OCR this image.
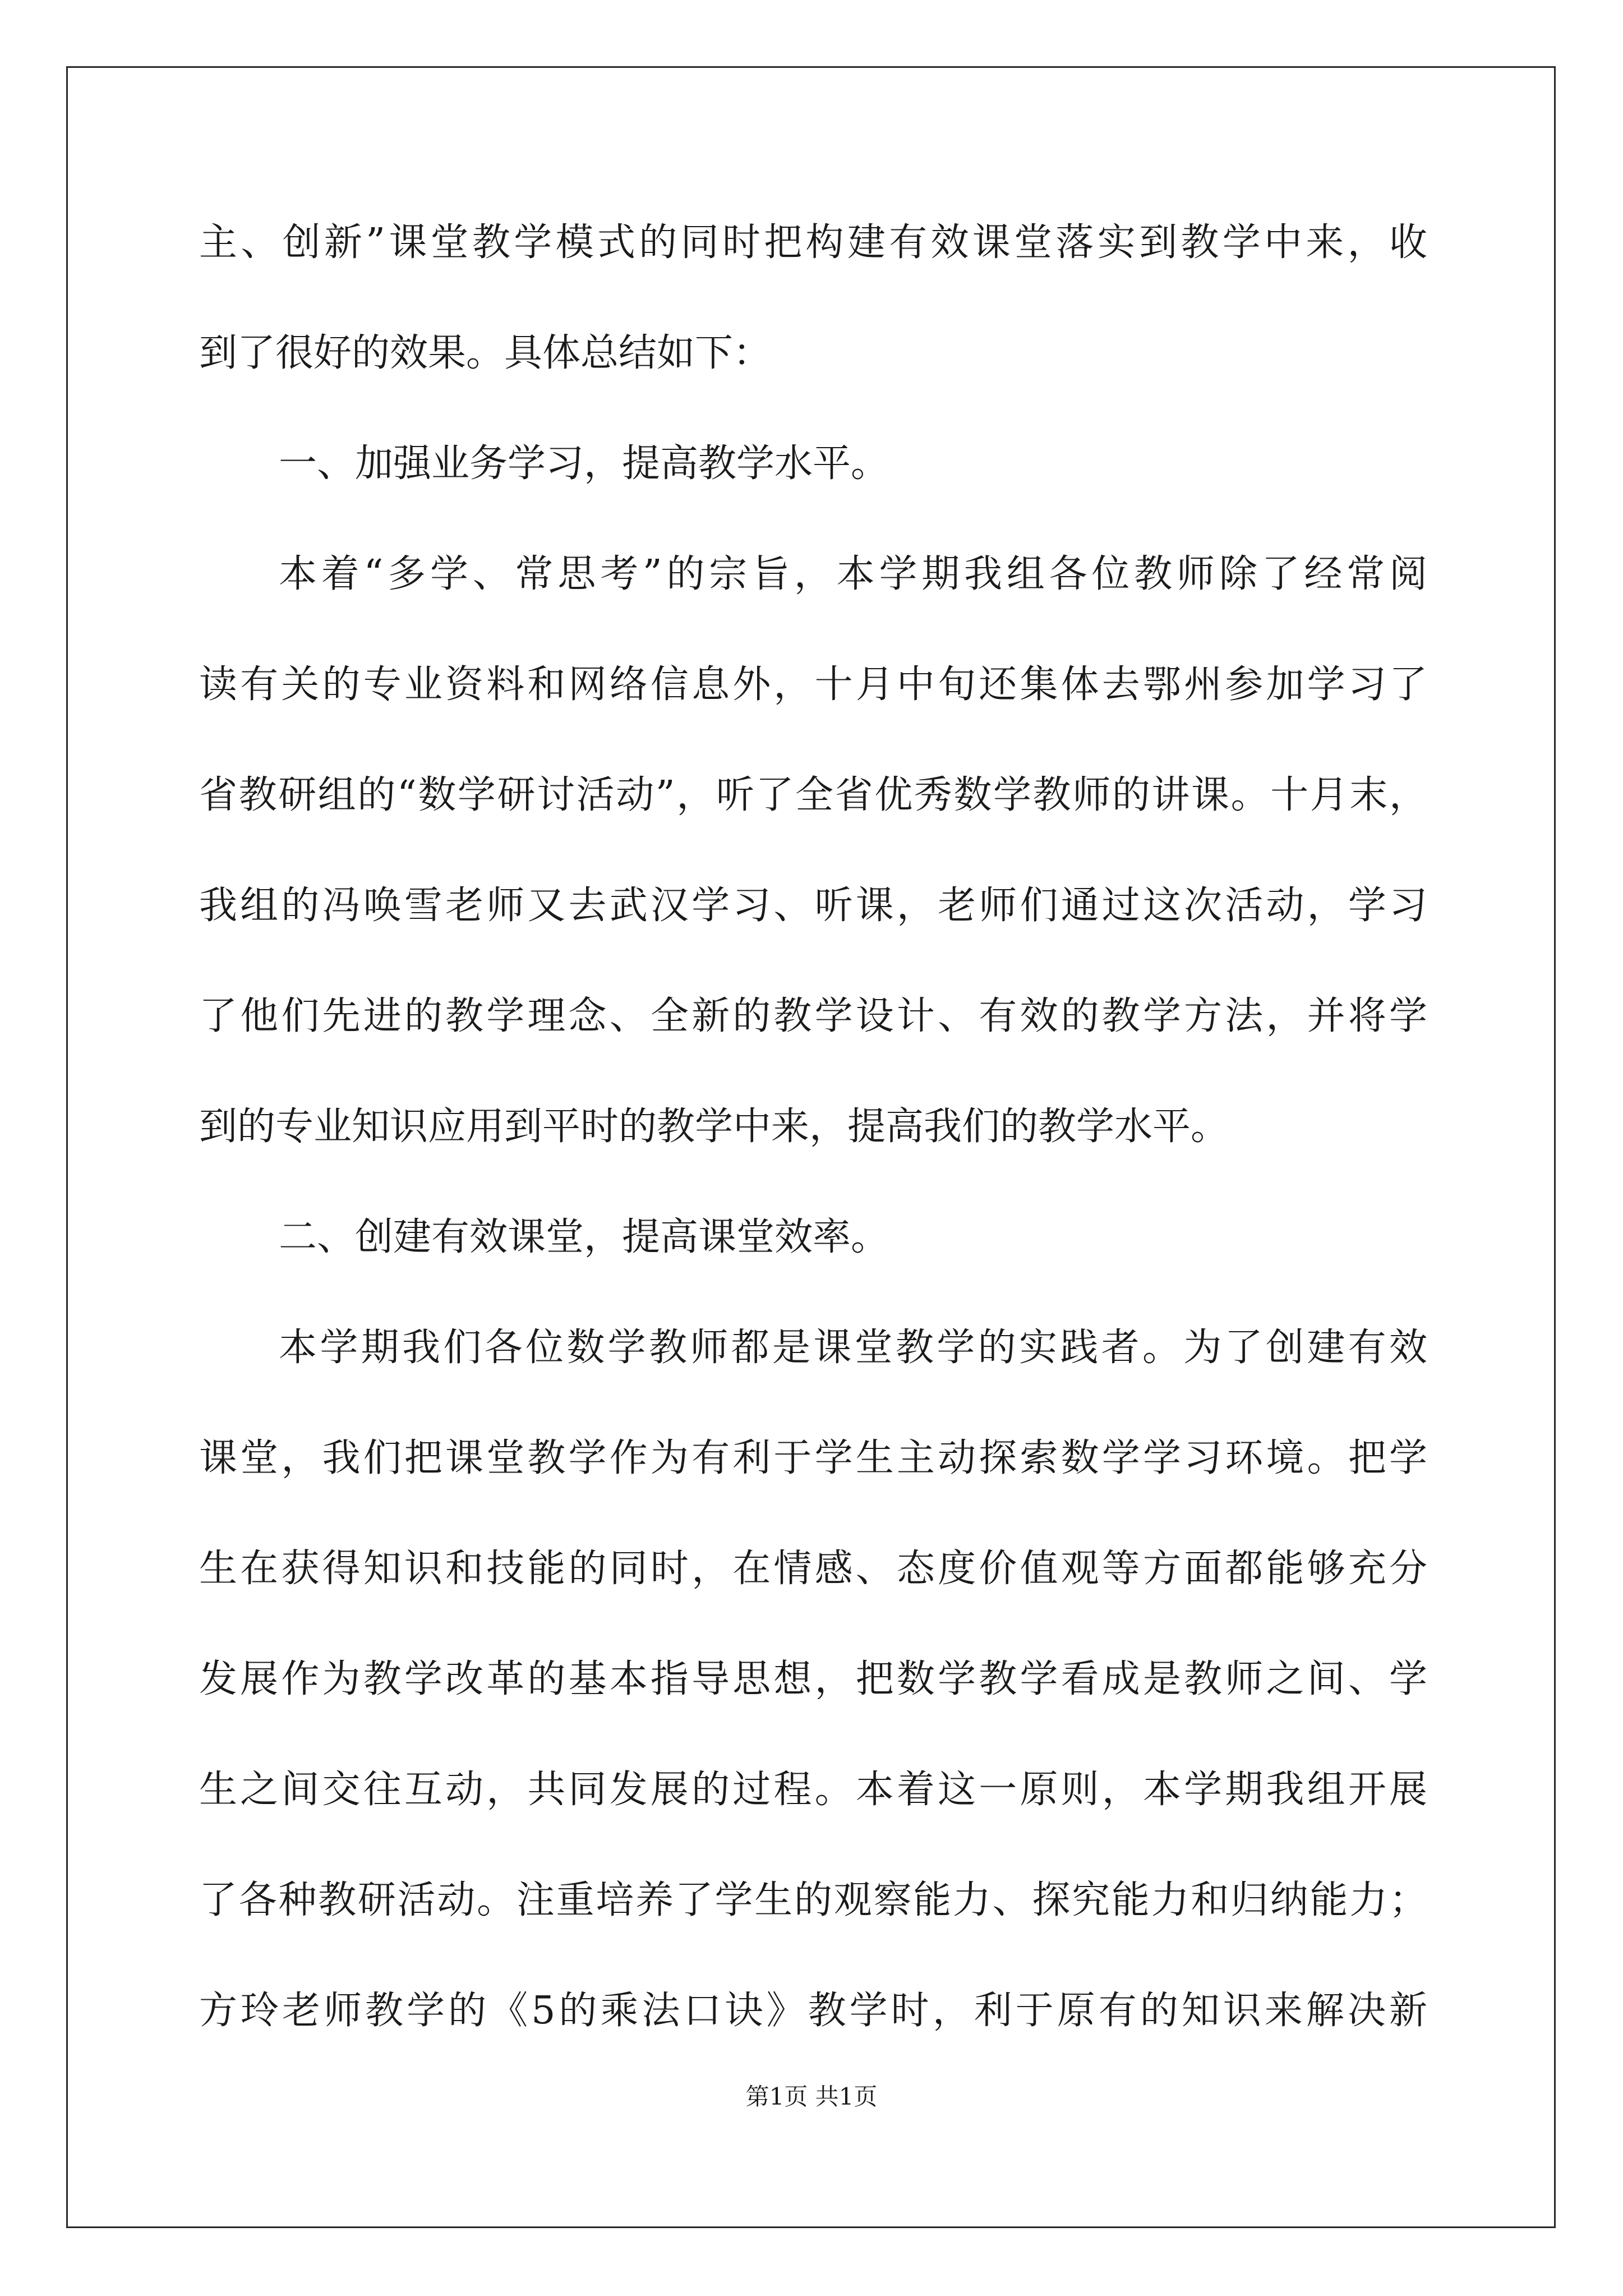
主、创新”课堂教学模式的同时把构建有效课堂落实到教学中来，收
到了很好的效果。具体总结如下：
一、加强业务学习，提高教学水平。
本着“多学、常思考”的宗旨，本学期我组各位教师除了经常阅
读有关的专业资料和网络信息外，十月中旬还集体去鄂州参加学习了
省教研组的“数学研讨活动”，听了全省优秀数学教师的讲课。十月末，
我组的冯唤雪老师又去武汉学习、听课，老师们通过这次活动，学习
了他们先进的教学理念、全新的教学设计、有效的教学方法，并将学
到的专业知识应用到平时的教学中来，提高我们的教学水平。
二、创建有效课堂，提高课堂效率。
本学期我们各位数学教师都是课堂教学的实践者。为了创建有效
课堂，我们把课堂教学作为有利于学生主动探索数学学习环境。把学
生在获得知识和技能的同时，在情感、态度价值观等方面都能够充分
发展作为教学改革的基本指导思想，把数学教学看成是教师之间、学
生之间交往互动，共同发展的过程。本着这一原则，本学期我组开展
了各种教研活动。注重培养了学生的观察能力、探究能力和归纳能力；
方玲老师教学的《5的乘法口诀》教学时，利于原有的知识来解决新
第1页 共1页
